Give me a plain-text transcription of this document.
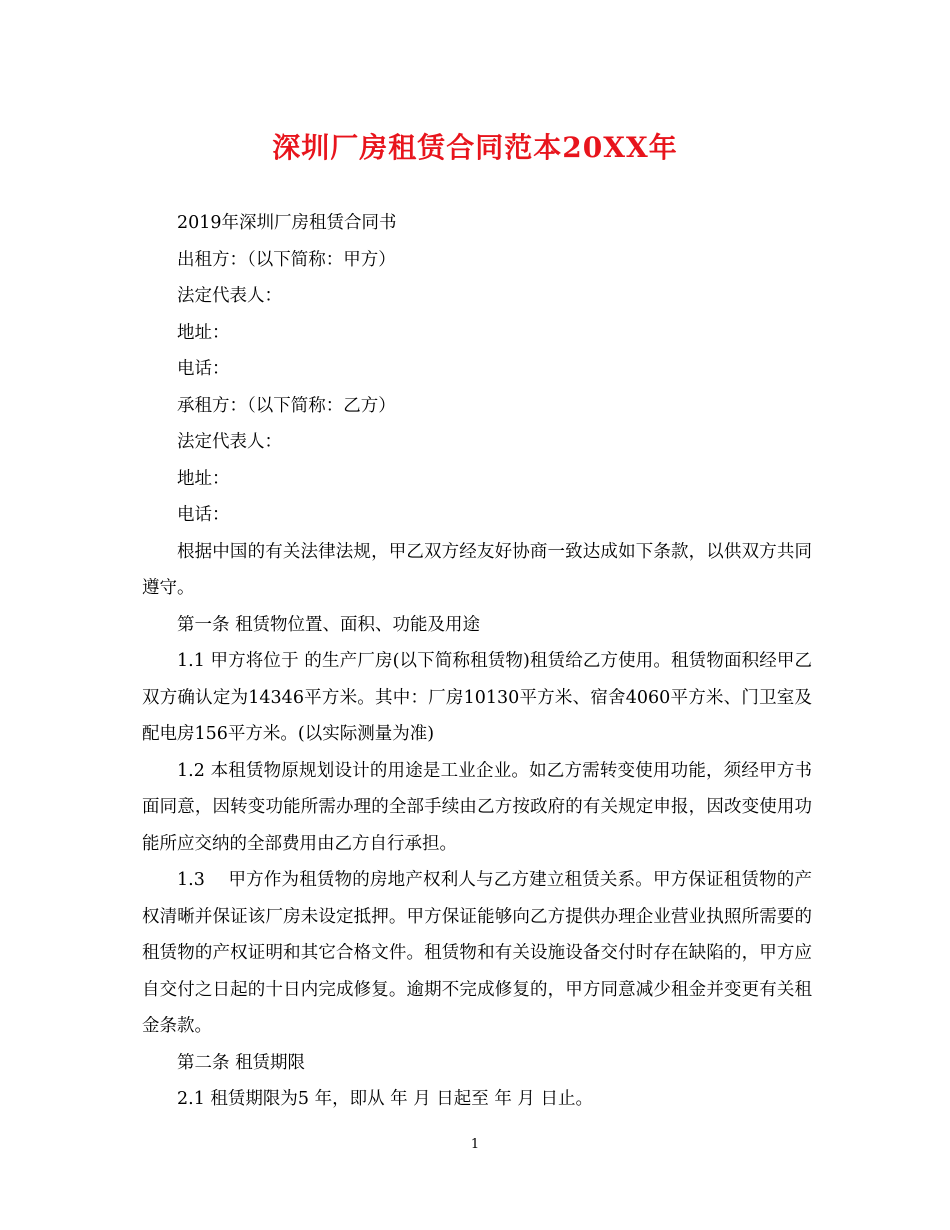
深圳厂房租赁合同范本20XX年

2019年深圳厂房租赁合同书

出租方：（以下简称：甲方）

法定代表人：

地址：

电话：

承租方：（以下简称：乙方）

法定代表人：

地址：

电话：

根据中国的有关法律法规，甲乙双方经友好协商一致达成如下条款，以供双方共同遵守。

第一条 租赁物位置、面积、功能及用途

1.1 甲方将位于 的生产厂房(以下简称租赁物)租赁给乙方使用。租赁物面积经甲乙双方确认定为14346平方米。其中：厂房10130平方米、宿舍4060平方米、门卫室及配电房156平方米。(以实际测量为准)

1.2 本租赁物原规划设计的用途是工业企业。如乙方需转变使用功能，须经甲方书面同意，因转变功能所需办理的全部手续由乙方按政府的有关规定申报，因改变使用功能所应交纳的全部费用由乙方自行承担。

1.3　 甲方作为租赁物的房地产权利人与乙方建立租赁关系。甲方保证租赁物的产权清晰并保证该厂房未设定抵押。甲方保证能够向乙方提供办理企业营业执照所需要的租赁物的产权证明和其它合格文件。租赁物和有关设施设备交付时存在缺陷的，甲方应自交付之日起的十日内完成修复。逾期不完成修复的，甲方同意减少租金并变更有关租金条款。

第二条 租赁期限

2.1 租赁期限为5 年，即从 年 月 日起至 年 月 日止。

1
